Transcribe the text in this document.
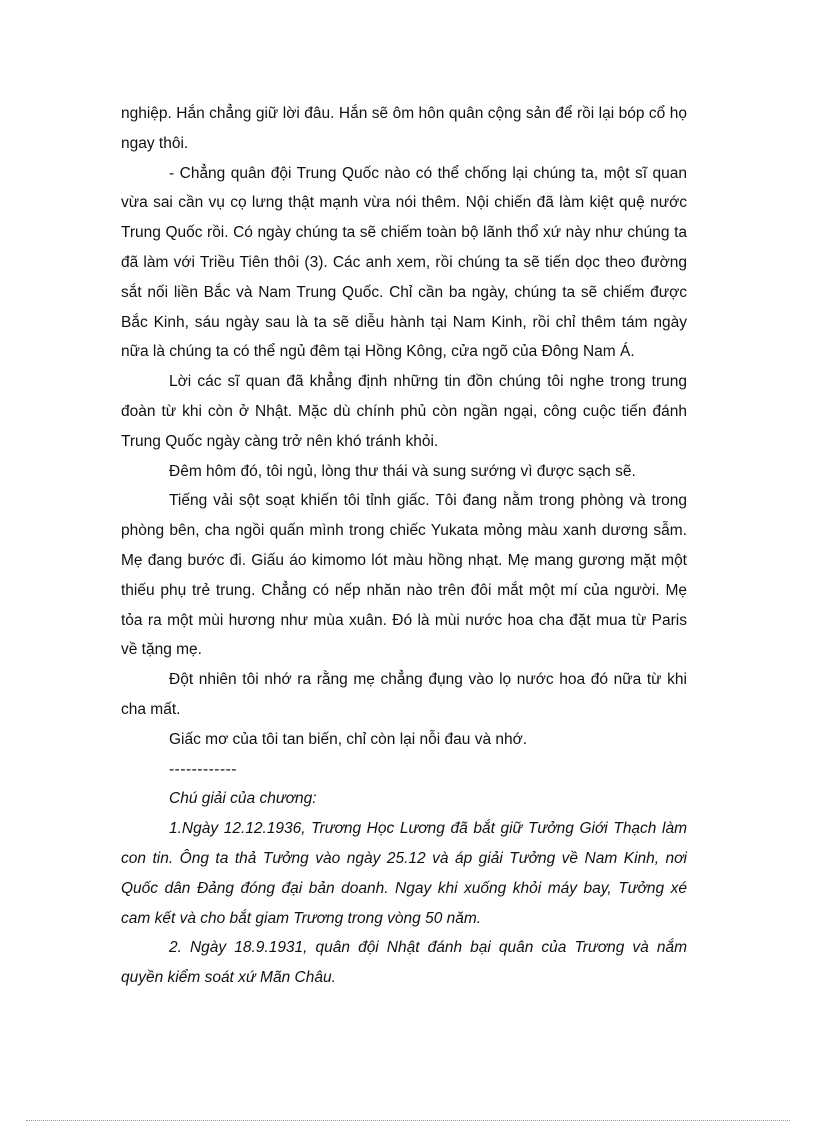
nghiệp. Hắn chẳng giữ lời đâu. Hắn sẽ ôm hôn quân cộng sản để rồi lại bóp cổ họ ngay thôi.

- Chẳng quân đội Trung Quốc nào có thể chống lại chúng ta, một sĩ quan vừa sai cần vụ cọ lưng thật mạnh vừa nói thêm. Nội chiến đã làm kiệt quệ nước Trung Quốc rồi. Có ngày chúng ta sẽ chiếm toàn bộ lãnh thổ xứ này như chúng ta đã làm với Triều Tiên thôi (3). Các anh xem, rồi chúng ta sẽ tiến dọc theo đường sắt nối liền Bắc và Nam Trung Quốc. Chỉ cần ba ngày, chúng ta sẽ chiếm được Bắc Kinh, sáu ngày sau là ta sẽ diễu hành tại Nam Kinh, rồi chỉ thêm tám ngày nữa là chúng ta có thể ngủ đêm tại Hồng Kông, cửa ngõ của Đông Nam Á.

Lời các sĩ quan đã khẳng định những tin đồn chúng tôi nghe trong trung đoàn từ khi còn ở Nhật. Mặc dù chính phủ còn ngần ngại, công cuộc tiến đánh Trung Quốc ngày càng trở nên khó tránh khỏi.

Đêm hôm đó, tôi ngủ, lòng thư thái và sung sướng vì được sạch sẽ.

Tiếng vải sột soạt khiến tôi tỉnh giấc. Tôi đang nằm trong phòng và trong phòng bên, cha ngồi quấn mình trong chiếc Yukata mỏng màu xanh dương sẫm. Mẹ đang bước đi. Giấu áo kimomo lót màu hồng nhạt. Mẹ mang gương mặt một thiếu phụ trẻ trung. Chẳng có nếp nhăn nào trên đôi mắt một mí của người. Mẹ tỏa ra một mùi hương như mùa xuân. Đó là mùi nước hoa cha đặt mua từ Paris về tặng mẹ.

Đột nhiên tôi nhớ ra rằng mẹ chẳng đụng vào lọ nước hoa đó nữa từ khi cha mất.

Giấc mơ của tôi tan biến, chỉ còn lại nỗi đau và nhớ.

------------

Chú giải của chương:

1.Ngày 12.12.1936, Trương Học Lương đã bắt giữ Tưởng Giới Thạch làm con tin. Ông ta thả Tưởng vào ngày 25.12 và áp giải Tưởng về Nam Kinh, nơi Quốc dân Đảng đóng đại bản doanh. Ngay khi xuống khỏi máy bay, Tưởng xé cam kết và cho bắt giam Trương trong vòng 50 năm.

2. Ngày 18.9.1931, quân đội Nhật đánh bại quân của Trương và nắm quyền kiểm soát xứ Mãn Châu.
